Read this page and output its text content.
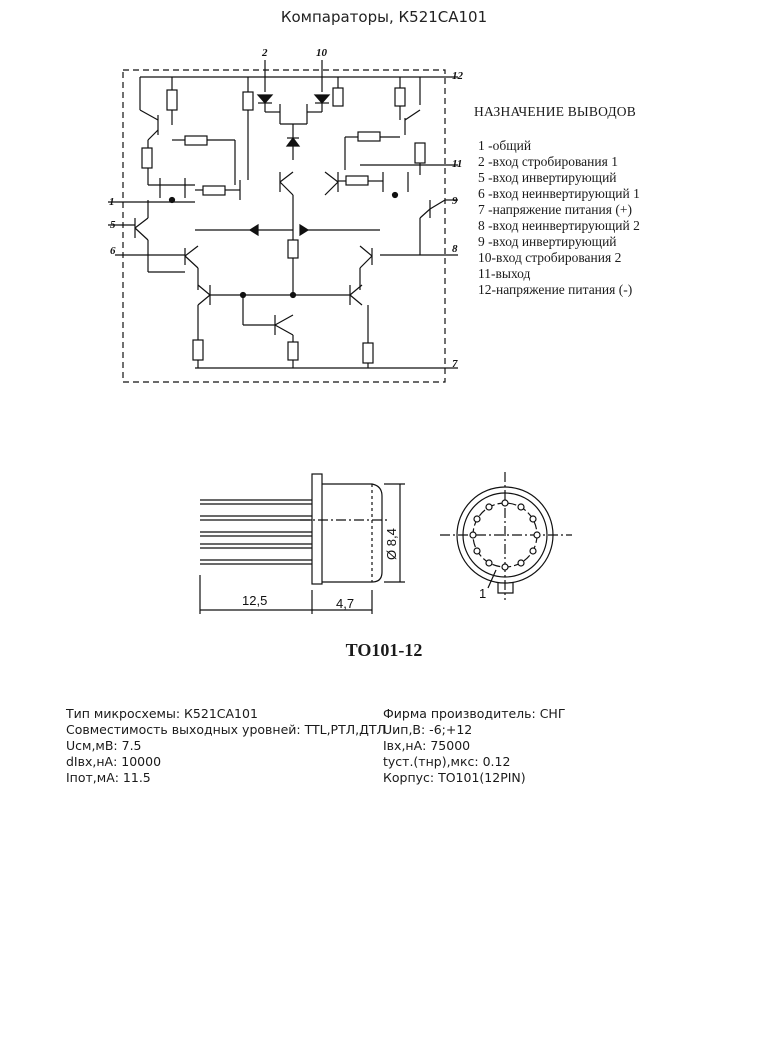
Компараторы, К521СА101
2	10
12
11
1
5
6
9
8
7
12,5	4,7
Ø 8,4
1
НАЗНАЧЕНИЕ ВЫВОДОВ
1 -общий
2 -вход стробирования 1
5 -вход инвертирующий
6 -вход неинвертирующий 1
7 -напряжение питания (+)
8 -вход неинвертирующий 2
9 -вход инвертирующий
10-вход стробирования 2
11-выход
12-напряжение питания (-)
TO101-12
Тип микросхемы: К521СА101
Совместимость выходных уровней: TTL,РТЛ,ДТЛ
Uсм,мВ: 7.5
dIвх,нА: 10000
Iпот,мА: 11.5
Фирма производитель: СНГ
Uип,В: -6;+12
Iвх,нА: 75000
tуст.(тнр),мкс: 0.12
Корпус: TO101(12PIN)
